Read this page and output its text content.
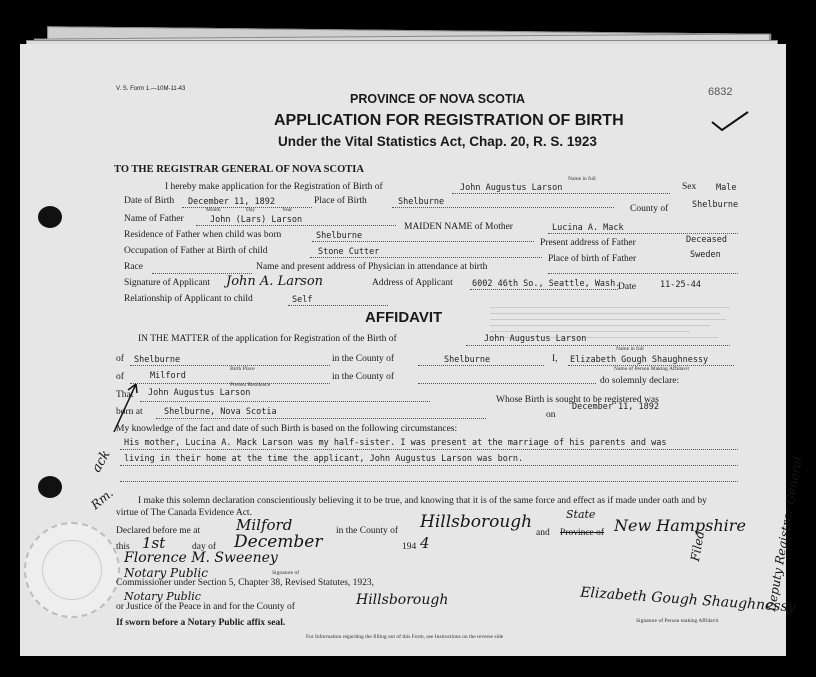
V. S. Form 1.—10M-11-43	6832
PROVINCE OF NOVA SCOTIA
APPLICATION FOR REGISTRATION OF BIRTH
Under the Vital Statistics Act, Chap. 20, R. S. 1923
TO THE REGISTRAR GENERAL OF NOVA SCOTIA
I hereby make application for the Registration of Birth of	John Augustus Larson
Name in full
Sex Male
Date of Birth December 11, 1892
Month	Day	Year
Place of Birth	Shelburne
County of	Shelburne
Name of Father	John (Lars) Larson
MAIDEN NAME of Mother	Lucina A. Mack
Residence of Father when child was born	Shelburne
Present address of Father	Deceased
Occupation of Father at Birth of child	Stone Cutter
Place of birth of Father	Sweden
Race	Name and present address of Physician in attendance at birth
Signature of Applicant John A. Larson	Address of Applicant 6002 46th So., Seattle, Wash.
Date	11-25-44
Relationship of Applicant to child	Self
AFFIDAVIT
IN THE MATTER of the application for Registration of the Birth of	John Augustus Larson
Name in full
of Shelburne	in the County of	Shelburne	I, Elizabeth Gough Shaughnessy
Name of Person Making Affidavit
of	Milford
Birth Place
in the County of	do solemnly declare:
Present Residence
That John Augustus Larson
Whose Birth is sought to be registered was
born at	Shelburne, Nova Scotia	on
December 11, 1892
My knowledge of the fact and date of such Birth is based on the following circumstances:
His mother, Lucina A. Mack Larson was my half-sister. I was present at the marriage of his parents and was
living in their home at the time the applicant, John Augustus Larson was born.
I make this solemn declaration conscientiously believing it to be true, and knowing that it is of the same force and effect as if made under oath and by
virtue of The Canada Evidence Act.
Declared before me at Milford	in the County of Hillsborough
and
State
Province of New Hampshire
this 1st	day of December	194 4
Florence M. Sweeney
Notary Public	Signature of
Commissioner under Section 5, Chapter 38, Revised Statutes, 1923,
Notary Public
or Justice of the Peace in and for the County of	Hillsborough
If sworn before a Notary Public affix seal.
For Information regarding the filling out of this Form, see Instructions on the reverse side
Elizabeth Gough Shaughnessy
Signature of Person making Affidavit
ack
Rm.
Filed	Deputy Registrar General
